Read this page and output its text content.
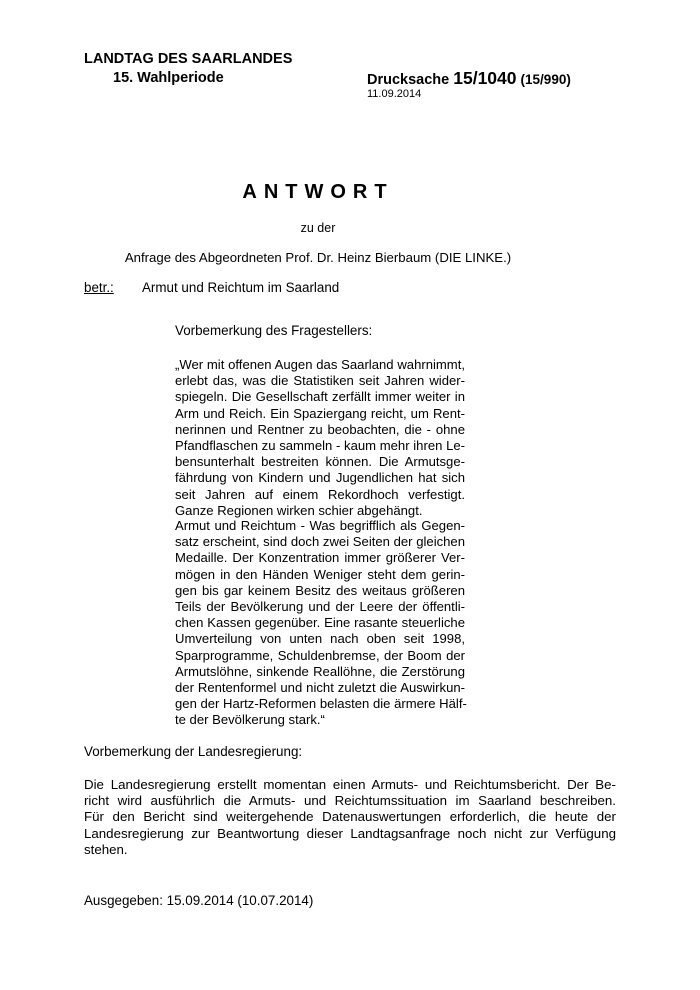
LANDTAG DES SAARLANDES
15. Wahlperiode	Drucksache 15/1040 (15/990)
11.09.2014
ANTWORT
zu der
Anfrage des Abgeordneten Prof. Dr. Heinz Bierbaum (DIE LINKE.)
betr.: Armut und Reichtum im Saarland
Vorbemerkung des Fragestellers:

„Wer mit offenen Augen das Saarland wahrnimmt,
erlebt das, was die Statistiken seit Jahren wider-
spiegeln. Die Gesellschaft zerfällt immer weiter in
Arm und Reich. Ein Spaziergang reicht, um Rent-
nerinnen und Rentner zu beobachten, die - ohne
Pfandflaschen zu sammeln - kaum mehr ihren Le-
bensunterhalt bestreiten können. Die Armutsge-
fährdung von Kindern und Jugendlichen hat sich
seit Jahren auf einem Rekordhoch verfestigt.
Ganze Regionen wirken schier abgehängt.

Armut und Reichtum - Was begrifflich als Gegen-
satz erscheint, sind doch zwei Seiten der gleichen
Medaille. Der Konzentration immer größerer Ver-
mögen in den Händen Weniger steht dem gerin-
gen bis gar keinem Besitz des weitaus größeren
Teils der Bevölkerung und der Leere der öffentli-
chen Kassen gegenüber. Eine rasante steuerliche
Umverteilung von unten nach oben seit 1998,
Sparprogramme, Schuldenbremse, der Boom der
Armutslöhne, sinkende Reallöhne, die Zerstörung
der Rentenformel und nicht zuletzt die Auswirkun-
gen der Hartz-Reformen belasten die ärmere Hälf-
te der Bevölkerung stark.“

Vorbemerkung der Landesregierung:
Die Landesregierung erstellt momentan einen Armuts- und Reichtumsbericht. Der Be-
richt wird ausführlich die Armuts- und Reichtumssituation im Saarland beschreiben.
Für den Bericht sind weitergehende Datenauswertungen erforderlich, die heute der
Landesregierung zur Beantwortung dieser Landtagsanfrage noch nicht zur Verfügung
stehen.
Ausgegeben: 15.09.2014 (10.07.2014)
